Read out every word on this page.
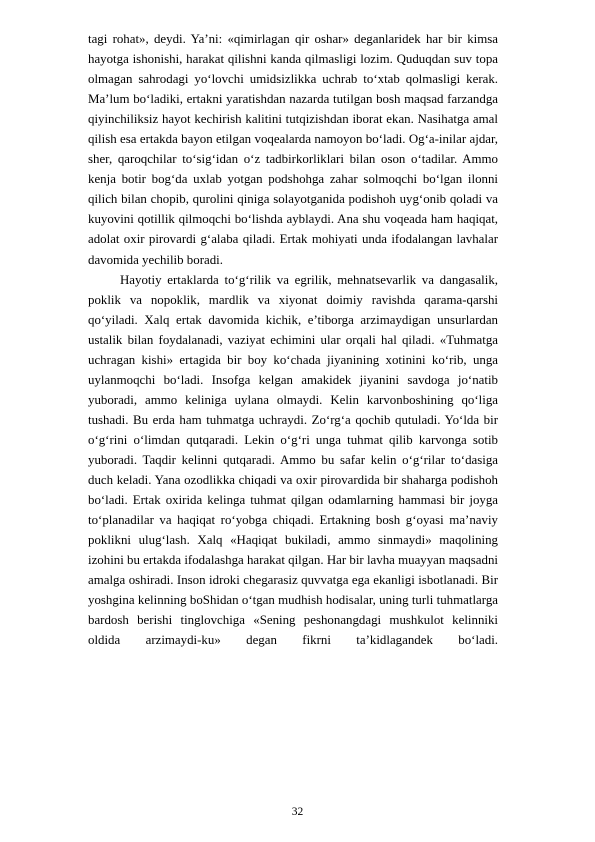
tagi rohat», deydi. Ya’ni: «qimirlagan qir oshar» deganlaridek har bir kimsa hayotga ishonishi, harakat qilishni kanda qilmasligi lozim. Quduqdan suv topa olmagan sahrodagi yo‘lovchi umidsizlikka uchrab to‘xtab qolmasligi kerak. Ma’lum bo‘ladiki, ertakni yaratishdan nazarda tutilgan bosh maqsad farzandga qiyinchiliksiz hayot kechirish kalitini tutqizishdan iborat ekan. Nasihatga amal qilish esa ertakda bayon etilgan voqealarda namoyon bo‘ladi. Og‘a-inilar ajdar, sher, qaroqchilar to‘sig‘idan o‘z tadbirkorliklari bilan oson o‘tadilar. Ammo kenja botir bog‘da uxlab yotgan podshohga zahar solmoqchi bo‘lgan ilonni qilich bilan chopib, qurolini qiniga solayotganida podishoh uyg‘onib qoladi va kuyovini qotillik qilmoqchi bo‘lishda ayblaydi. Ana shu voqeada ham haqiqat, adolat oxir pirovardi g‘alaba qiladi. Ertak mohiyati unda ifodalangan lavhalar davomida yechilib boradi.

Hayotiy ertaklarda to‘g‘rilik va egrilik, mehnatsevarlik va dangasalik, poklik va nopoklik, mardlik va xiyonat doimiy ravishda qarama-qarshi qo‘yiladi. Xalq ertak davomida kichik, e’tiborga arzimaydigan unsurlardan ustalik bilan foydalanadi, vaziyat echimini ular orqali hal qiladi. «Tuhmatga uchragan kishi» ertagida bir boy ko‘chada jiyanining xotinini ko‘rib, unga uylanmoqchi bo‘ladi. Insofga kelgan amakidek jiyanini savdoga jo‘natib yuboradi, ammo keliniga uylana olmaydi. Kelin karvonboshining qo‘liga tushadi. Bu erda ham tuhmatga uchraydi. Zo‘rg‘a qochib qutuladi. Yo‘lda bir o‘g‘rini o‘limdan qutqaradi. Lekin o‘g‘ri unga tuhmat qilib karvonga sotib yuboradi. Taqdir kelinni qutqaradi. Ammo bu safar kelin o‘g‘rilar to‘dasiga duch keladi. Yana ozodlikka chiqadi va oxir pirovardida bir shaharga podishoh bo‘ladi. Ertak oxirida kelinga tuhmat qilgan odamlarning hammasi bir joyga to‘planadilar va haqiqat ro‘yobga chiqadi. Ertakning bosh g‘oyasi ma’naviy poklikni ulug‘lash. Xalq «Haqiqat bukiladi, ammo sinmaydi» maqolining izohini bu ertakda ifodalashga harakat qilgan. Har bir lavha muayyan maqsadni amalga oshiradi. Inson idroki chegarasiz quvvatga ega ekanligi isbotlanadi. Bir yoshgina kelinning boShidan o‘tgan mudhish hodisalar, uning turli tuhmatlarga bardosh berishi tinglovchiga «Sening peshonangdagi mushkulot kelinniki oldida arzimaydi-ku» degan fikrni ta’kidlagandek bo‘ladi.

32
